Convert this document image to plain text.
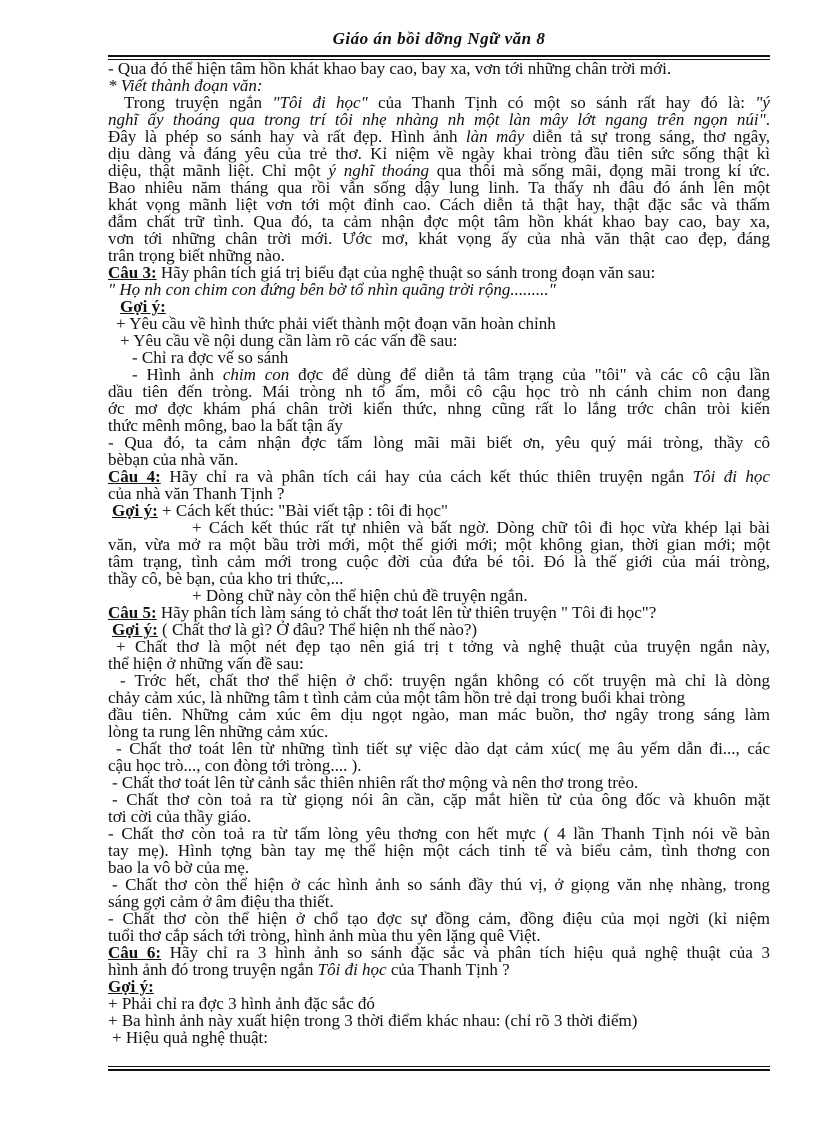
Giáo án bồi dỡng Ngữ văn 8
- Qua đó thể hiện tâm hồn khát khao bay cao, bay xa, vơn tới những chân trời mới.
* Viết thành đoạn văn:
Trong truyện ngắn "Tôi đi học" của Thanh Tịnh có một so sánh rất hay đó là: "ý
nghĩ ấy thoáng qua trong trí tôi nhẹ nhàng nh một làn mây lớt ngang trên ngọn núi".
Đây là phép so sánh hay và rất đẹp. Hình ảnh làn mây diễn tả sự trong sáng, thơ ngây,
dịu dàng và đáng yêu của trẻ thơ. Kỉ niệm về ngày khai tròng đầu tiên sức sống thật kì
diệu, thật mãnh liệt. Chỉ một ý nghĩ thoáng qua thôi mà sống mãi, đọng mãi trong kí ức.
Bao nhiêu năm tháng qua rồi vẫn sống dậy lung linh. Ta thấy nh đâu đó ánh lên một
khát vọng mãnh liệt vơn tới một đỉnh cao. Cách diễn tả thật hay, thật đặc sắc và thấm
đẫm chất trữ tình. Qua đó, ta cảm nhận đợc một tâm hồn khát khao bay cao, bay xa,
vơn tới những chân trời mới. Ước mơ, khát vọng ấy của nhà văn thật cao đẹp, đáng
trân trọng biết những nào.
Câu 3: Hãy phân tích giá trị biểu đạt của nghệ thuật so sánh trong đoạn văn sau:
" Họ nh con chim con đứng bên bờ tổ nhìn quãng trời rộng........."
Gợi ý:
+ Yêu cầu về hình thức phải viết thành một đoạn văn hoàn chỉnh
+ Yêu cầu về nội dung cần làm rõ các vấn đề sau:
- Chỉ ra đợc vế so sánh
- Hình ảnh chim con đợc để dùng để diễn tả tâm trạng của "tôi" và các cô cậu lần
dầu tiên đến tròng. Mái tròng nh tổ ấm, mỗi cô cậu học trò nh cánh chim non đang
ớc mơ đợc khám phá chân trời kiến thức, nhng cũng rất lo lắng trớc chân tròi kiến
thức mênh mông, bao la bất tận ấy
- Qua đó, ta cảm nhận đợc tấm lòng mãi mãi biết ơn, yêu quý mái tròng, thầy cô
bèbạn của nhà văn.
Câu 4: Hãy chỉ ra và phân tích cái hay của cách kết thúc thiên truyện ngắn Tôi đi học
của nhà văn Thanh Tịnh ?
Gợi ý: + Cách kết thúc: "Bài viết tập : tôi đi học"
+ Cách kết thúc rất tự nhiên và bất ngờ. Dòng chữ tôi đi học vừa khép lại bài
văn, vừa mở ra một bầu trời mới, một thế giới mới; một không gian, thời gian mới; một
tâm trạng, tình cảm mới trong cuộc đời của đứa bé tôi. Đó là thế giới của mái tròng,
thầy cô, bè bạn, của kho tri thức,...
+ Dòng chữ này còn thể hiện chủ đề truyện ngắn.
Câu 5: Hãy phân tích làm sáng tỏ chất thơ toát lên từ thiên truyện " Tôi đi học"?
Gợi ý: ( Chất thơ là gì? Ở đâu? Thể hiện nh thế nào?)
+ Chất thơ là một nét đẹp tạo nên giá trị t tởng và nghệ thuật của truyện ngắn này,
thể hiện ở những vấn đề sau:
- Trớc hết, chất thơ thể hiện ở chổ: truyện ngắn không có cốt truyện mà chỉ là dòng
chảy cảm xúc, là những tâm t tình cảm của một tâm hồn trẻ dại trong buổi khai tròng
đầu tiên. Những cảm xúc êm dịu ngọt ngào, man mác buồn, thơ ngây trong sáng làm
lòng ta rung lên những cảm xúc.
- Chất thơ toát lên từ những tình tiết sự việc dào dạt cảm xúc( mẹ âu yếm dẫn đi..., các
cậu học trò..., con đòng tới tròng.... ).
- Chất thơ toát lên từ cảnh sắc thiên nhiên rất thơ mộng và nên thơ trong trẻo.
- Chất thơ còn toả ra từ giọng nói ân cần, cặp mắt hiền từ của ông đốc và khuôn mặt
tơi cời của thầy giáo.
- Chất thơ còn toả ra từ tấm lòng yêu thơng con hết mực ( 4 lần Thanh Tịnh nói về bàn
tay mẹ). Hình tợng bàn tay mẹ thể hiện một cách tinh tế và biểu cảm, tình thơng con
bao la vô bờ của mẹ.
- Chất thơ còn thể hiện ở các hình ảnh so sánh đầy thú vị, ở giọng văn nhẹ nhàng, trong
sáng gợi cảm ở âm điệu tha thiết.
- Chất thơ còn thể hiện ở chổ tạo đợc sự đồng cảm, đồng điệu của mọi ngời (kỉ niệm
tuổi thơ cắp sách tới tròng, hình ảnh mùa thu yên lặng quê Việt.
Câu 6: Hãy chỉ ra 3 hình ảnh so sánh đặc sắc và phân tích hiệu quả nghệ thuật của 3
hình ảnh đó trong truyện ngắn Tôi đi học của Thanh Tịnh ?
Gợi ý:
+ Phải chỉ ra đợc 3 hình ảnh đặc sắc đó
+ Ba hình ảnh này xuất hiện trong 3 thời điểm khác nhau: (chỉ rõ 3 thời điểm)
+ Hiệu quả nghệ thuật:
